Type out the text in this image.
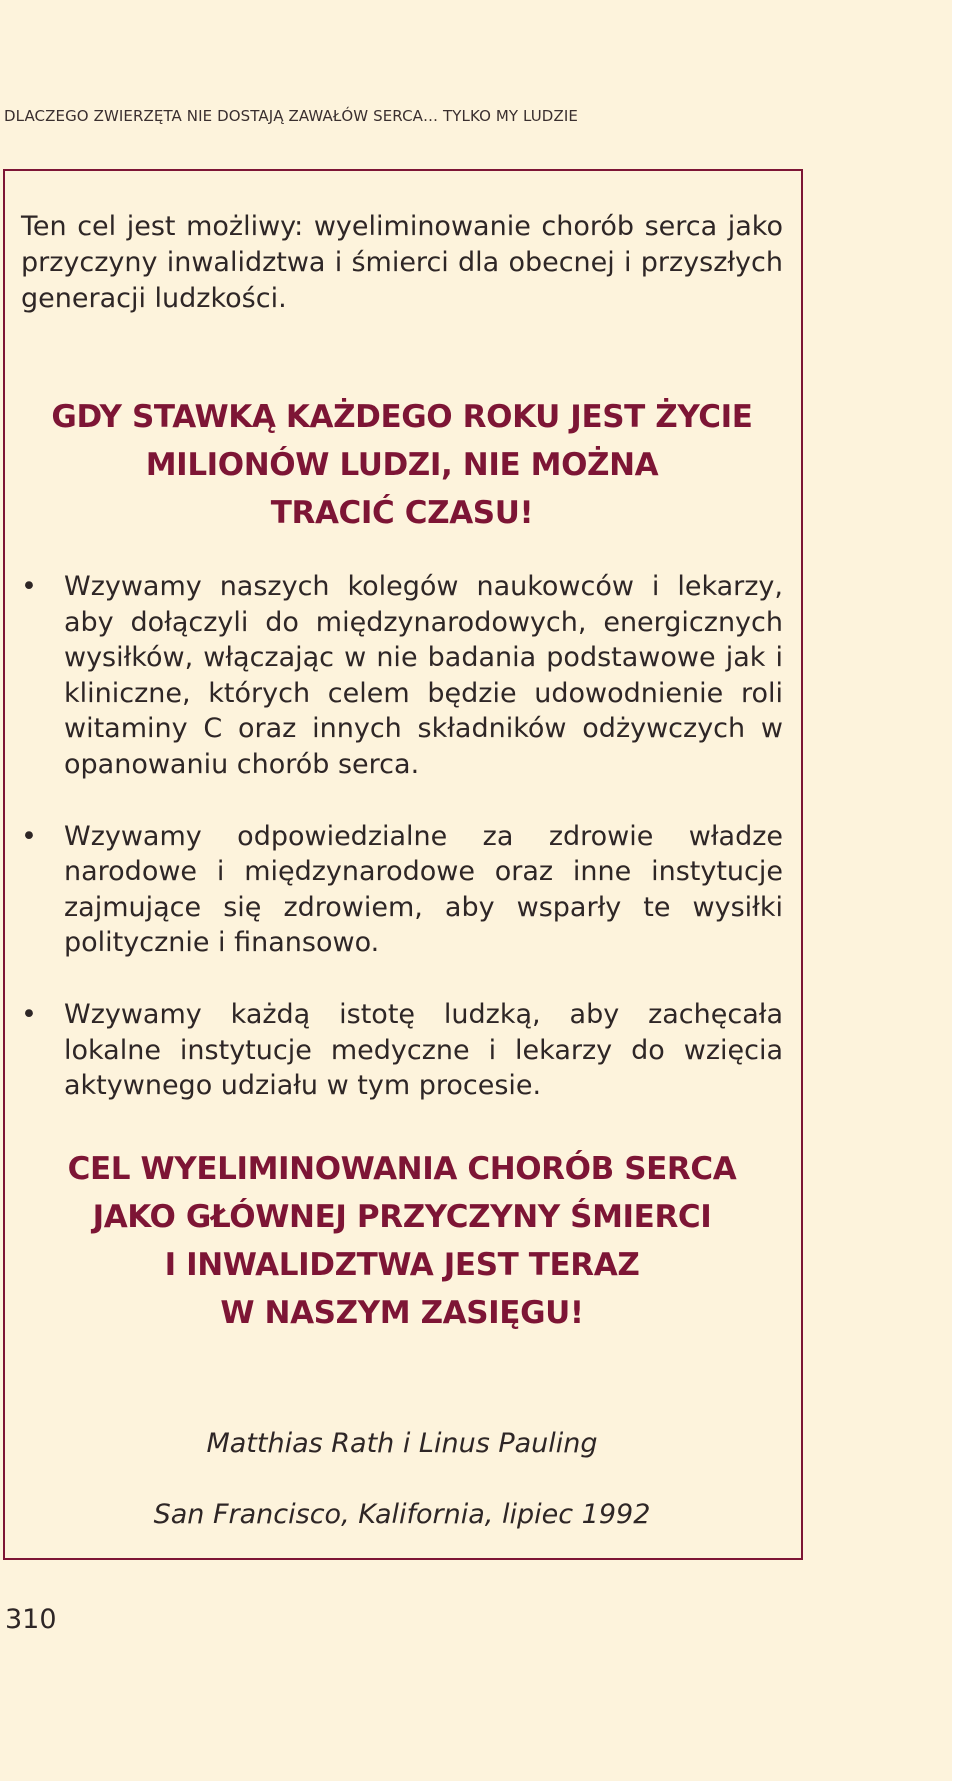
DLACZEGO ZWIERZĘTA NIE DOSTAJĄ ZAWAŁÓW SERCA… TYLKO MY LUDZIE

Ten cel jest możliwy: wyeliminowanie chorób serca jako przyczyny inwalidztwa i śmierci dla obecnej i przyszłych generacji ludzkości.

GDY STAWKĄ KAŻDEGO ROKU JEST ŻYCIE
MILIONÓW LUDZI, NIE MOŻNA
TRACIĆ CZASU!
• Wzywamy naszych kolegów naukowców i lekarzy, aby dołączyli do międzynarodowych, energicznych wysiłków, włączając w nie badania podstawowe jak i kliniczne, których celem będzie udowodnienie roli witaminy C oraz innych składników odżywczych w opanowaniu chorób serca.
• Wzywamy odpowiedzialne za zdrowie władze narodowe i międzynarodowe oraz inne instytucje zajmujące się zdrowiem, aby wsparły te wysiłki politycznie i finansowo.
• Wzywamy każdą istotę ludzką, aby zachęcała lokalne instytucje medyczne i lekarzy do wzięcia aktywnego udziału w tym procesie.
CEL WYELIMINOWANIA CHORÓB SERCA
JAKO GŁÓWNEJ PRZYCZYNY ŚMIERCI
I INWALIDZTWA JEST TERAZ
W NASZYM ZASIĘGU!
Matthias Rath i Linus Pauling
San Francisco, Kalifornia, lipiec 1992
310
